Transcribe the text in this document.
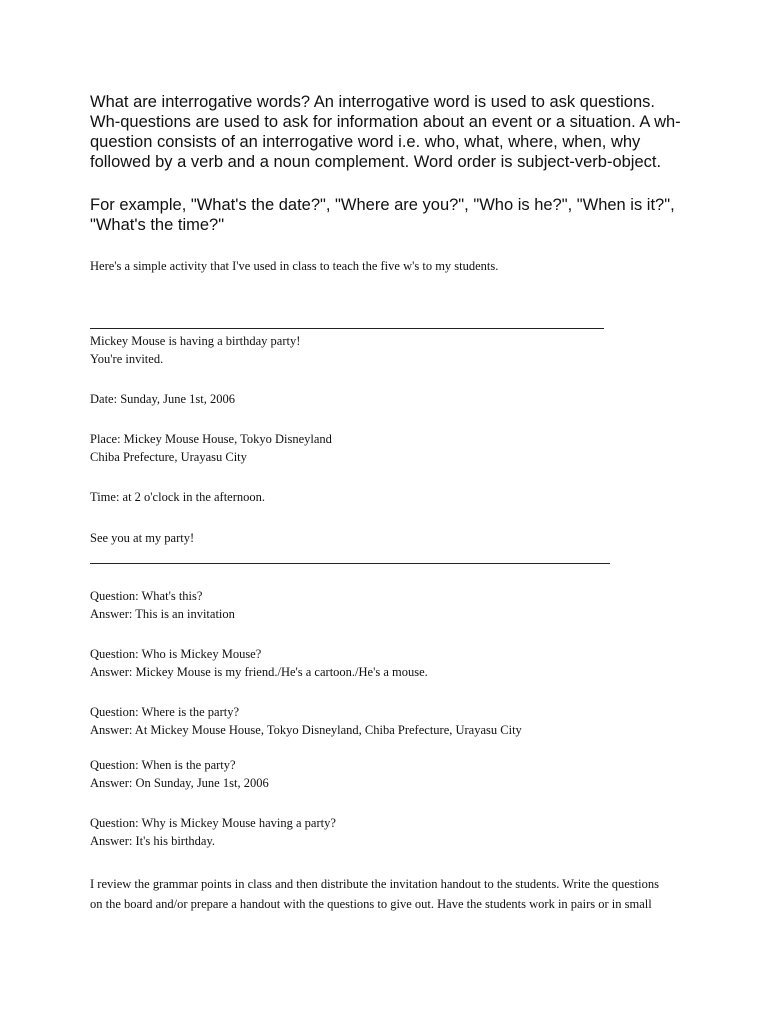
What are interrogative words? An interrogative word is used to ask questions.
Wh-questions are used to ask for information about an event or a situation. A wh-
question consists of an interrogative word i.e. who, what, where, when, why
followed by a verb and a noun complement. Word order is subject-verb-object.
For example, "What's the date?", "Where are you?", "Who is he?", "When is it?",
"What's the time?"

Here's a simple activity that I've used in class to teach the five w's to my students.

Mickey Mouse is having a birthday party!
You're invited.

Date: Sunday, June 1st, 2006

Place: Mickey Mouse House, Tokyo Disneyland
Chiba Prefecture, Urayasu City

Time: at 2 o'clock in the afternoon.

See you at my party!

Question: What's this?
Answer: This is an invitation
Question: Who is Mickey Mouse?
Answer: Mickey Mouse is my friend./He's a cartoon./He's a mouse.
Question: Where is the party?
Answer: At Mickey Mouse House, Tokyo Disneyland, Chiba Prefecture, Urayasu City
Question: When is the party?
Answer: On Sunday, June 1st, 2006
Question: Why is Mickey Mouse having a party?
Answer: It's his birthday.
I review the grammar points in class and then distribute the invitation handout to the students. Write the questions
on the board and/or prepare a handout with the questions to give out. Have the students work in pairs or in small
